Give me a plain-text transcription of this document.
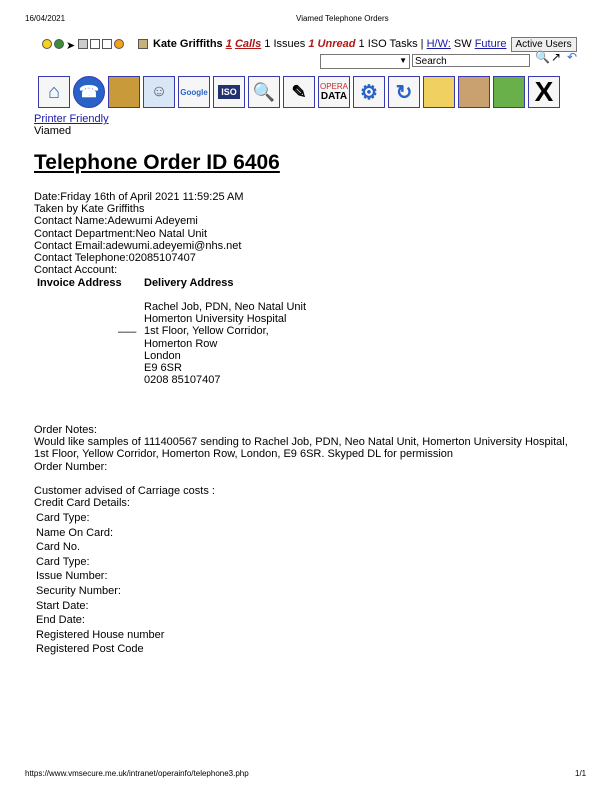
16/04/2021	Viamed Telephone Orders
➤	Kate Griffiths
1
Calls
1
Issues
1
Unread
1
ISO Tasks |
H/W:
SW
Future Active Users
▼ Search	🔍 ↗ ↶
⌂	☎	☺	Google	ISO 🔍 ✎	OPERA
DATA ⚙ ↻	X
Printer Friendly
Viamed
Telephone Order ID 6406
Date:Friday 16th of April 2021 11:59:25 AM
Taken by Kate Griffiths
Contact Name:Adewumi Adeyemi
Contact Department:Neo Natal Unit
Contact Email:adewumi.adeyemi@nhs.net
Contact Telephone:02085107407
Contact Account:
Invoice Address Delivery Address
–––
Rachel Job, PDN, Neo Natal Unit
Homerton University Hospital
1st Floor, Yellow Corridor,
Homerton Row
London
E9 6SR
0208 85107407
Order Notes:
Would like samples of 111400567 sending to Rachel Job, PDN, Neo Natal Unit, Homerton University Hospital, 1st Floor, Yellow Corridor, Homerton Row, London, E9 6SR. Skyped DL for permission
Order Number:
Customer advised of Carriage costs :
Credit Card Details:
Card Type:
Name On Card:
Card No.
Card Type:
Issue Number:
Security Number:
Start Date:
End Date:
Registered House number
Registered Post Code
https://www.vmsecure.me.uk/intranet/operainfo/telephone3.php	1/1
